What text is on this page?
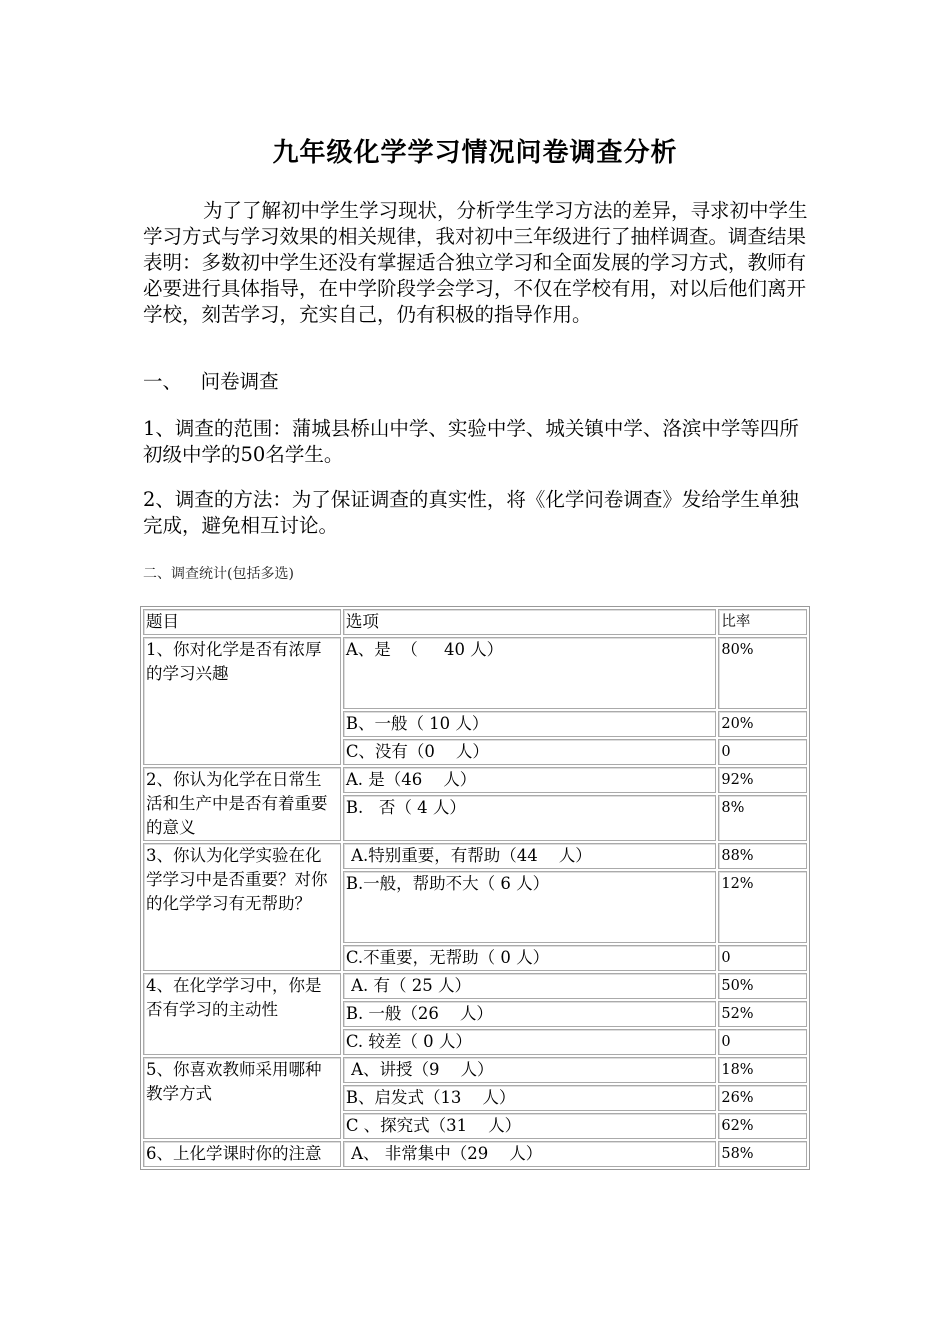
九年级化学学习情况问卷调查分析

为了了解初中学生学习现状，分析学生学习方法的差异，寻求初中学生学习方式与学习效果的相关规律，我对初中三年级进行了抽样调查。调查结果表明：多数初中学生还没有掌握适合独立学习和全面发展的学习方式，教师有必要进行具体指导，在中学阶段学会学习，不仅在学校有用，对以后他们离开学校，刻苦学习，充实自己，仍有积极的指导作用。

一、   问卷调查

1、调查的范围：蒲城县桥山中学、实验中学、城关镇中学、洛滨中学等四所初级中学的50名学生。

2、调查的方法：为了保证调查的真实性，将《化学问卷调查》发给学生单独完成，避免相互讨论。

二、调查统计(包括多选)

题目	选项	比率
1、你对化学是否有浓厚的学习兴趣	A、是  （     40 人）	80%
	B、一般（ 10 人）	20%
	C、没有（0    人）	0
2、你认为化学在日常生活和生产中是否有着重要的意义	A. 是（46    人）	92%
	B.   否（ 4 人）	8%
3、你认为化学实验在化学学习中是否重要？对你的化学学习有无帮助？	A.特别重要，有帮助（44    人）	88%
	B.一般，帮助不大（ 6 人）	12%
	C.不重要，无帮助（ 0 人）	0
4、在化学学习中，你是否有学习的主动性	A. 有（ 25 人）	50%
	B. 一般（26    人）	52%
	C. 较差（ 0 人）	0
5、你喜欢教师采用哪种教学方式	A、讲授（9    人）	18%
	B、启发式（13    人）	26%
	C 、探究式（31    人）	62%
6、上化学课时你的注意	A、 非常集中（29    人）	58%
